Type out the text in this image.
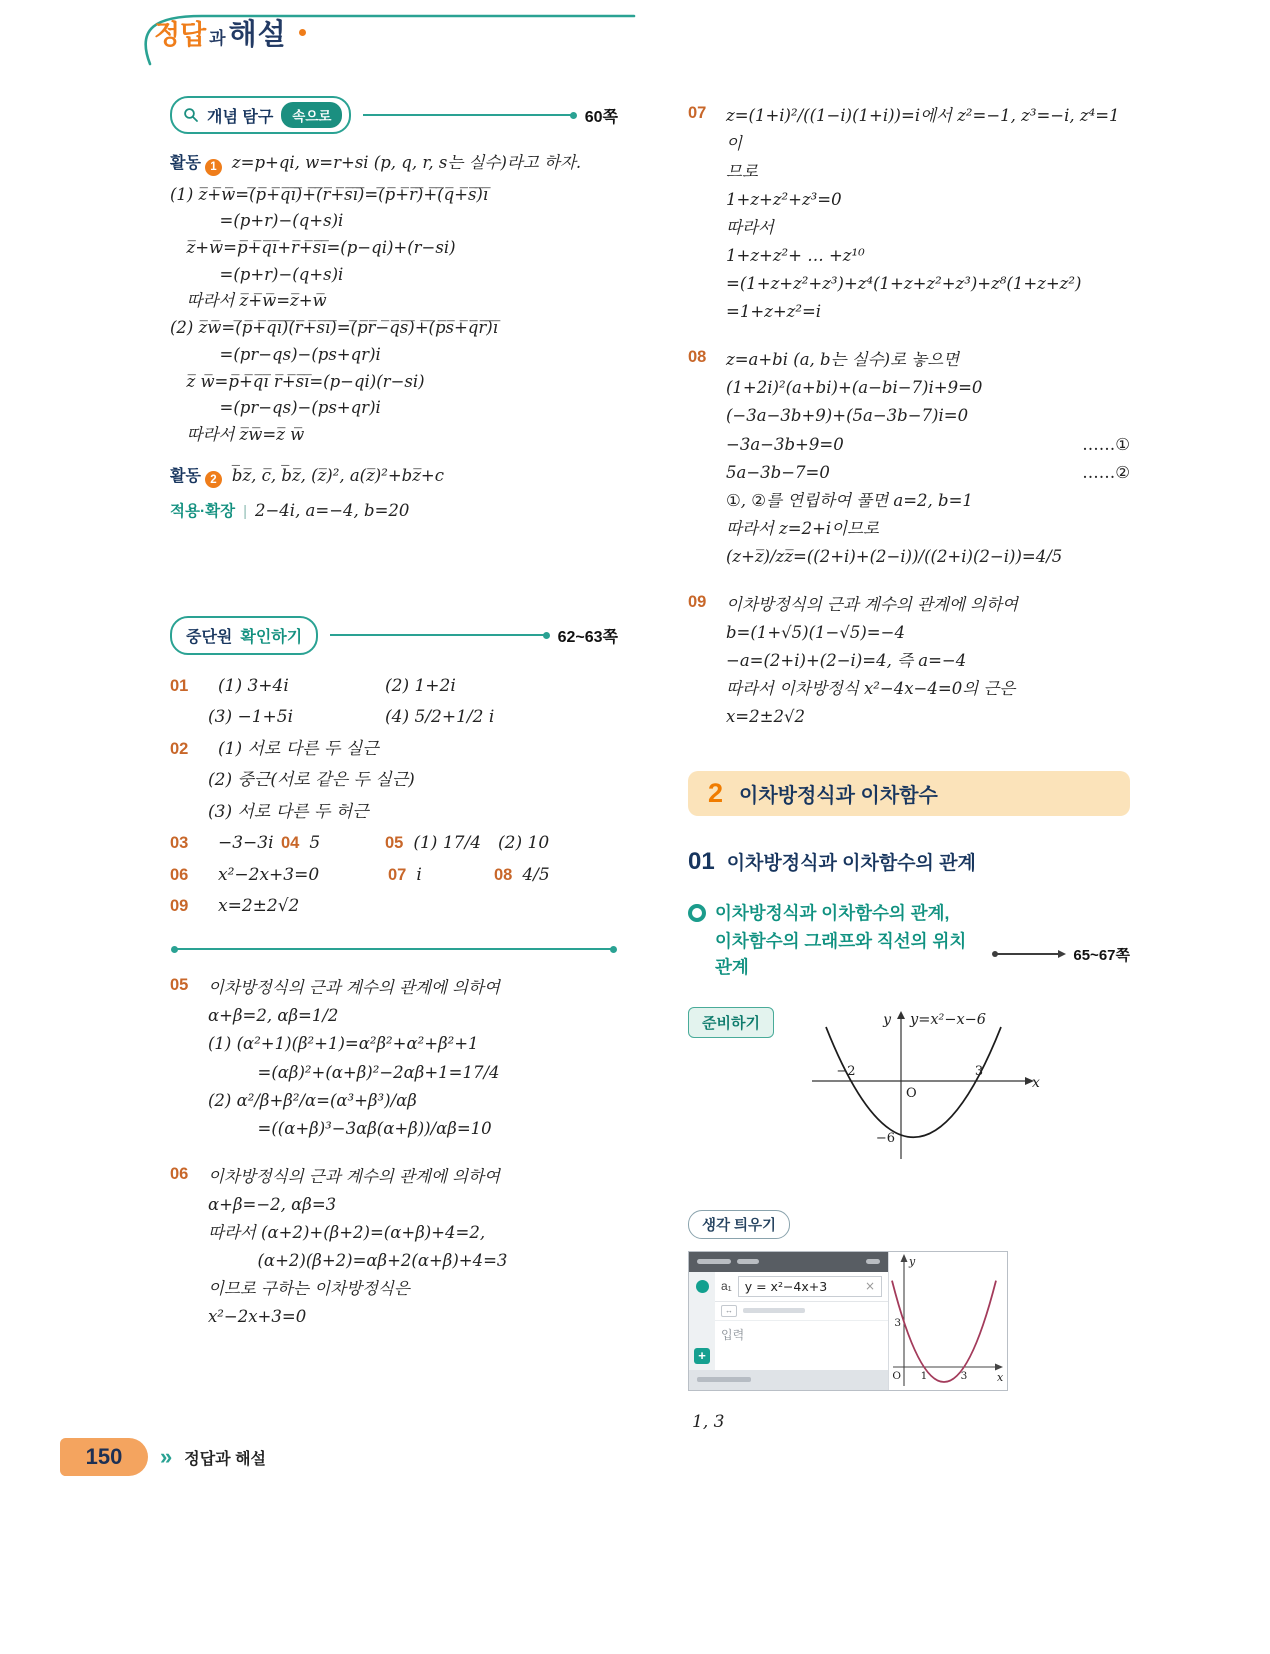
정답 과 해설
개념 탐구	속으로	60쪽
활동 1 z=p+qi, w=r+si (p, q, r, s는 실수)라고 하자.
(1) z̅+̅w̅=(̅p̅+̅q̅i̅)̅+̅(̅r̅+̅s̅i̅)̅=(̅p̅+̅r̅)̅+̅(̅q̅+̅s̅)̅i̅
   =(p+r)−(q+s)i
 z̅+w̅=p̅+̅q̅i̅+r̅+̅s̅i̅=(p−qi)+(r−si)
   =(p+r)−(q+s)i
 따라서 z̅+̅w̅=z̅+w̅
(2) z̅w̅=(̅p̅+̅q̅i̅)̅(̅r̅+̅s̅i̅)̅=(̅p̅r̅−̅q̅s̅)̅+̅(̅p̅s̅+̅q̅r̅)̅i̅
   =(pr−qs)−(ps+qr)i
 z̅ w̅=p̅+̅q̅i̅ r̅+̅s̅i̅=(p−qi)(r−si)
   =(pr−qs)−(ps+qr)i
 따라서 z̅w̅=z̅ w̅
활동 2 b̅z̅, c̅, b̅z̅, (z̅)², a(z̅)²+bz̅+c
적용·확장 | 2−4i, a=−4, b=20
중단원 확인하기	62~63쪽
01	(1) 3+4i	(2) 1+2i
(3) −1+5i	(4) 5/2+1/2 i
02	(1) 서로 다른 두 실근
(2) 중근(서로 같은 두 실근)
(3) 서로 다른 두 허근
03	−3−3i 04 5	05 (1) 17/4 (2) 10
06	x²−2x+3=0	07 i	08 4/5
09	x=2±2√2
05 이차방정식의 근과 계수의 관계에 의하여
α+β=2, αβ=1/2
(1) (α²+1)(β²+1)=α²β²+α²+β²+1
   =(αβ)²+(α+β)²−2αβ+1=17/4
(2) α²/β+β²/α=(α³+β³)/αβ
   =((α+β)³−3αβ(α+β))/αβ=10
06 이차방정식의 근과 계수의 관계에 의하여
α+β=−2, αβ=3
따라서 (α+2)+(β+2)=(α+β)+4=2,
   (α+2)(β+2)=αβ+2(α+β)+4=3
이므로 구하는 이차방정식은
x²−2x+3=0
07 z=(1+i)²/((1−i)(1+i))=i에서 z²=−1, z³=−i, z⁴=1이
므로
1+z+z²+z³=0
따라서
1+z+z²+ … +z¹⁰
=(1+z+z²+z³)+z⁴(1+z+z²+z³)+z⁸(1+z+z²)
=1+z+z²=i
08 z=a+bi (a, b는 실수)로 놓으면
(1+2i)²(a+bi)+(a−bi−7)i+9=0
(−3a−3b+9)+(5a−3b−7)i=0
−3a−3b+9=0	……①
5a−3b−7=0	……②
①, ②를 연립하여 풀면 a=2, b=1
따라서 z=2+i이므로
(z+z̅)/zz̅=((2+i)+(2−i))/((2+i)(2−i))=4/5
09 이차방정식의 근과 계수의 관계에 의하여
b=(1+√5)(1−√5)=−4
−a=(2+i)+(2−i)=4, 즉 a=−4
따라서 이차방정식 x²−4x−4=0의 근은
x=2±2√2
2 이차방정식과 이차함수
01 이차방정식과 이차함수의 관계
이차방정식과 이차함수의 관계,
이차함수의 그래프와 직선의 위치 관계
65~67쪽
준비하기	y y=x²−x−6
x
O
−2	3
−6
생각 틔우기
+
a₁ y = x²−4x+3	×
↔
입력
y
x
O 1	3
3
1, 3
150	» 정답과 해설
